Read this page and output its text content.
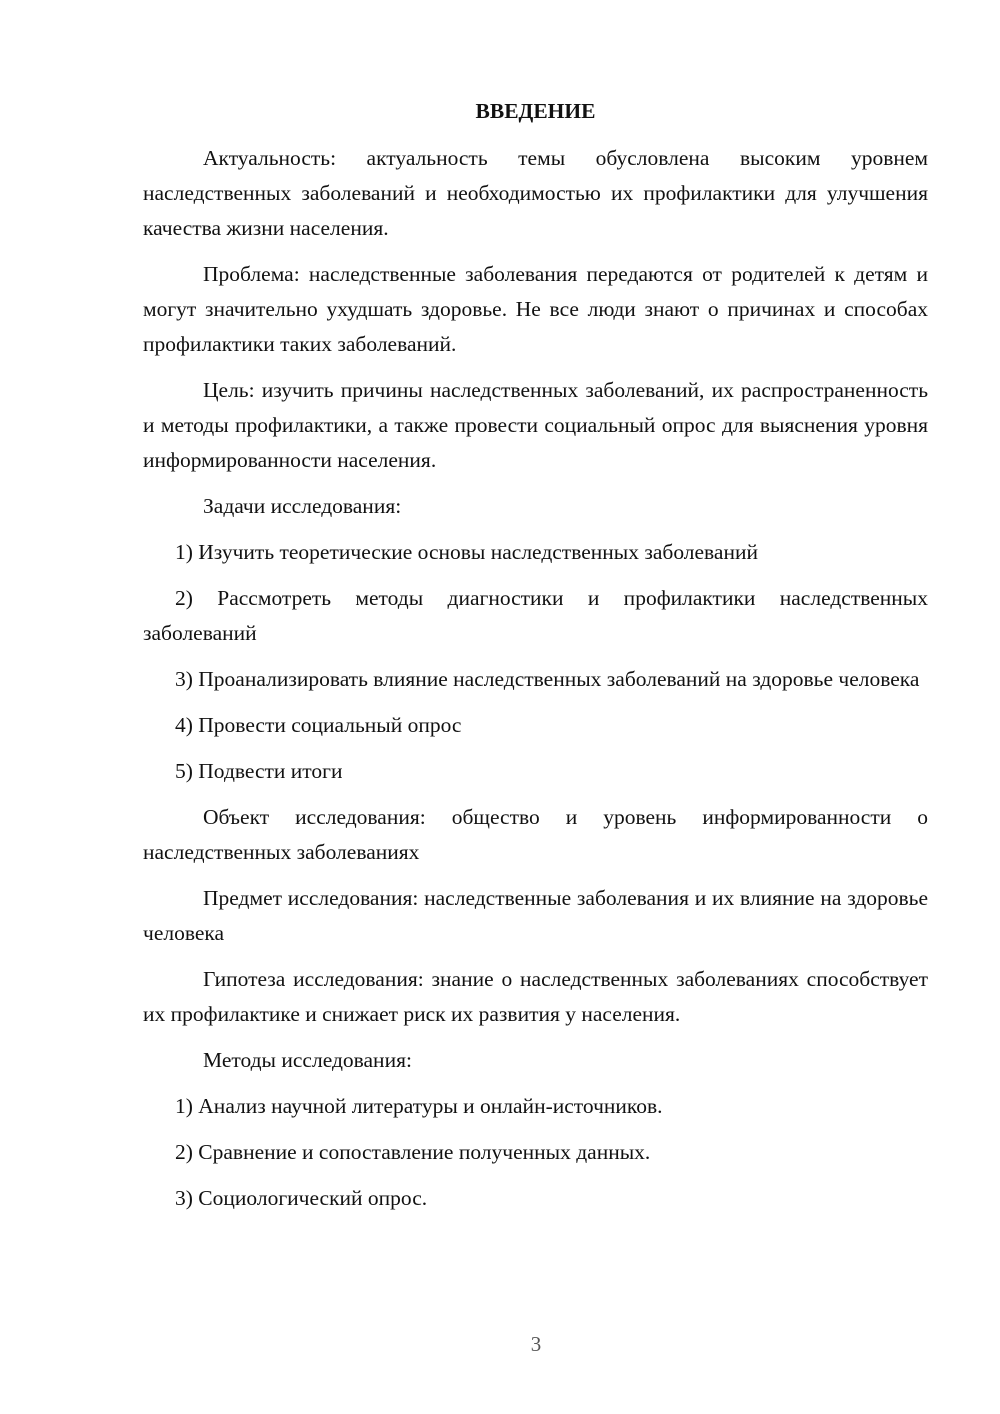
ВВЕДЕНИЕ

Актуальность: актуальность темы обусловлена высоким уровнем наследственных заболеваний и необходимостью их профилактики для улучшения качества жизни населения.

Проблема: наследственные заболевания передаются от родителей к детям и могут значительно ухудшать здоровье. Не все люди знают о причинах и способах профилактики таких заболеваний.

Цель: изучить причины наследственных заболеваний, их распространенность и методы профилактики, а также провести социальный опрос для выяснения уровня информированности населения.

Задачи исследования:

1) Изучить теоретические основы наследственных заболеваний

2) Рассмотреть методы диагностики и профилактики наследственных заболеваний

3) Проанализировать влияние наследственных заболеваний на здоровье человека

4) Провести социальный опрос

5) Подвести итоги

Объект исследования: общество и уровень информированности о наследственных заболеваниях

Предмет исследования: наследственные заболевания и их влияние на здоровье человека

Гипотеза исследования: знание о наследственных заболеваниях способствует их профилактике и снижает риск их развития у населения.

Методы исследования:

1) Анализ научной литературы и онлайн-источников.

2) Сравнение и сопоставление полученных данных.

3) Социологический опрос.

3
